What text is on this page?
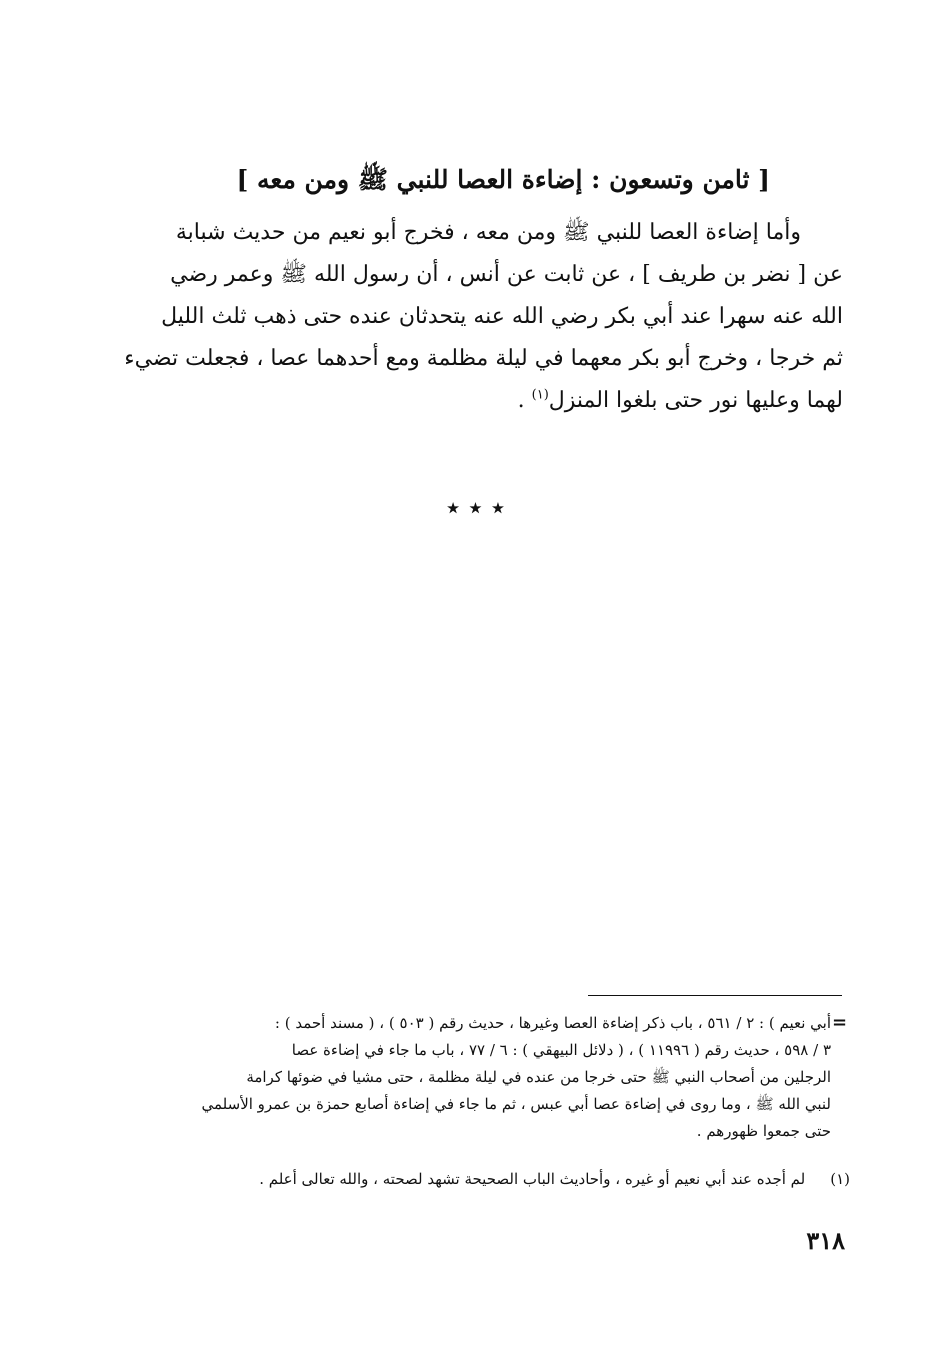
[ ثامن وتسعون : إضاءة العصا للنبي ﷺ ومن معه ]

وأما إضاءة العصا للنبي ﷺ ومن معه ، فخرج أبو نعيم من حديث شبابة

عن [ نضر بن طريف ] ، عن ثابت عن أنس ، أن رسول الله ﷺ وعمر رضي

الله عنه سهرا عند أبي بكر رضي الله عنه يتحدثان عنده حتى ذهب ثلث الليل

ثم خرجا ، وخرج أبو بكر معهما في ليلة مظلمة ومع أحدهما عصا ، فجعلت تضيء

لهما وعليها نور حتى بلغوا المنزل$^{(١)}$ .

٭ ٭ ٭
=

أبي نعيم ) : ٢ / ٥٦١ ، باب ذكر إضاءة العصا وغيرها ، حديث رقم ( ٥٠٣ ) ، ( مسند أحمد ) :

٣ / ٥٩٨ ، حديث رقم ( ١١٩٩٦ ) ، ( دلائل البيهقي ) : ٦ / ٧٧ ، باب ما جاء في إضاءة عصا

الرجلين من أصحاب النبي ﷺ حتى خرجا من عنده في ليلة مظلمة ، حتى مشيا في ضوئها كرامة

لنبي الله ﷺ ، وما روى في إضاءة عصا أبي عبس ، ثم ما جاء في إضاءة أصابع حمزة بن عمرو الأسلمي

حتى جمعوا ظهورهم .

(١) لم أجده عند أبي نعيم أو غيره ، وأحاديث الباب الصحيحة تشهد لصحته ، والله تعالى أعلم .
٣١٨
